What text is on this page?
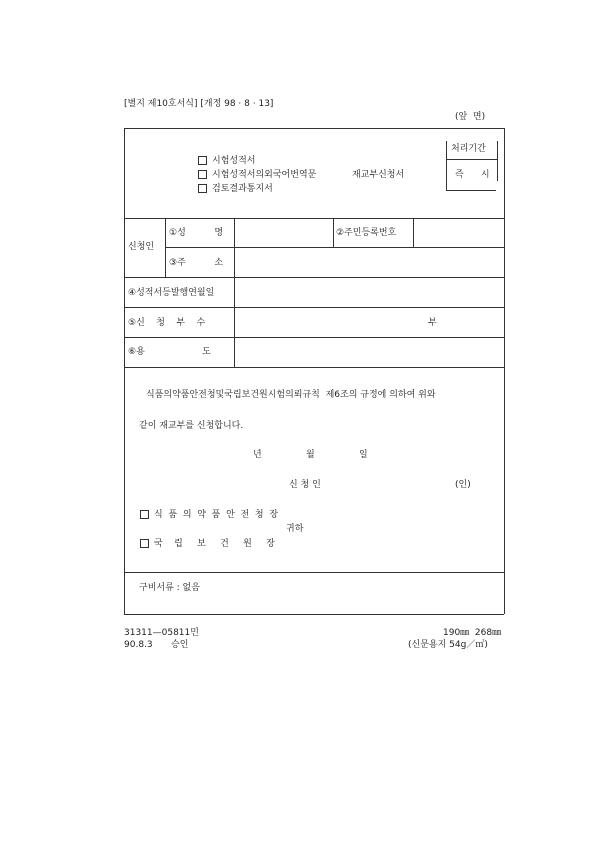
[별지 제10호서식] [개정 98 · 8 · 13]
(앞  면)
시험성적서
시험성적서의외국어번역문
검토결과통지서
재교부신청서
처리기간
즉      시
신청인
①성          명	②주민등록번호
③주          소
④성적서등발행연월일
⑤신    청    부    수	부
⑥용                    도
식품의약품안전청및국립보건원시험의뢰규칙  제6조의 규정에 의하여 위와
같이 재교부를 신청합니다.
년	월	일
신 청 인	(인)
식  품  의  약  품  안  전  청  장
귀하
국    립     보     건     원     장
구비서류 : 없음
31311—05811민
90.8.3 승인
190㎜  268㎜
(신문용지 54g／㎡)
